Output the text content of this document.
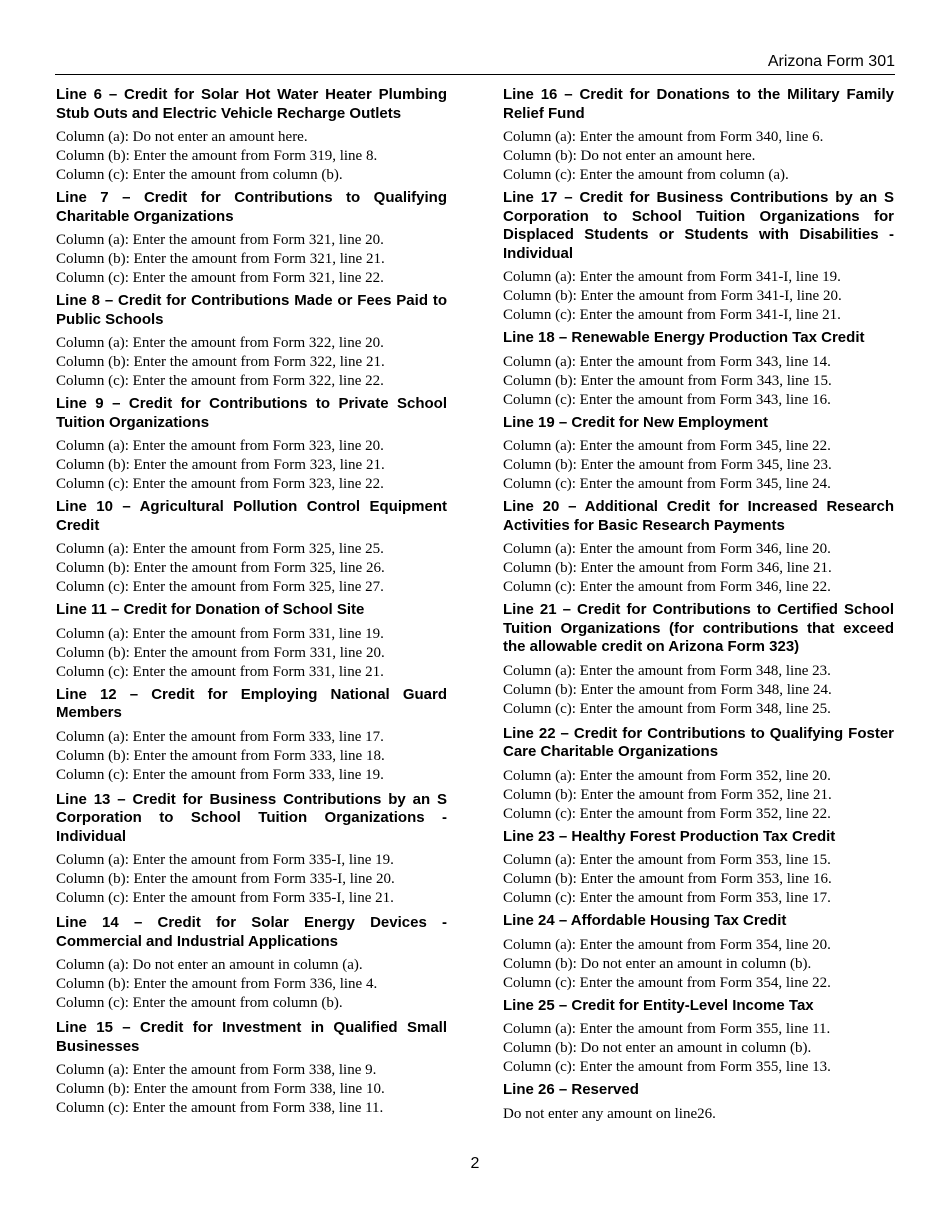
Arizona Form 301
Line 6 – Credit for Solar Hot Water Heater Plumbing Stub Outs and Electric Vehicle Recharge Outlets

Column (a): Do not enter an amount here.

Column (b): Enter the amount from Form 319, line 8.

Column (c): Enter the amount from column (b).

Line 7 – Credit for Contributions to Qualifying Charitable Organizations

Column (a): Enter the amount from Form 321, line 20.

Column (b): Enter the amount from Form 321, line 21.

Column (c): Enter the amount from Form 321, line 22.

Line 8 – Credit for Contributions Made or Fees Paid to Public Schools

Column (a): Enter the amount from Form 322, line 20.

Column (b): Enter the amount from Form 322, line 21.

Column (c): Enter the amount from Form 322, line 22.

Line 9 – Credit for Contributions to Private School Tuition Organizations

Column (a): Enter the amount from Form 323, line 20.

Column (b): Enter the amount from Form 323, line 21.

Column (c): Enter the amount from Form 323, line 22.

Line 10 – Agricultural Pollution Control Equipment Credit

Column (a): Enter the amount from Form 325, line 25.

Column (b): Enter the amount from Form 325, line 26.

Column (c): Enter the amount from Form 325, line 27.

Line 11 – Credit for Donation of School Site

Column (a): Enter the amount from Form 331, line 19.

Column (b): Enter the amount from Form 331, line 20.

Column (c): Enter the amount from Form 331, line 21.

Line 12 – Credit for Employing National Guard Members

Column (a): Enter the amount from Form 333, line 17.

Column (b): Enter the amount from Form 333, line 18.

Column (c): Enter the amount from Form 333, line 19.

Line 13 – Credit for Business Contributions by an S Corporation to School Tuition Organizations - Individual

Column (a): Enter the amount from Form 335-I, line 19.

Column (b): Enter the amount from Form 335-I, line 20.

Column (c): Enter the amount from Form 335-I, line 21.

Line 14 – Credit for Solar Energy Devices - Commercial and Industrial Applications

Column (a): Do not enter an amount in column (a).

Column (b): Enter the amount from Form 336, line 4.

Column (c): Enter the amount from column (b).

Line 15 – Credit for Investment in Qualified Small Businesses

Column (a): Enter the amount from Form 338, line 9.

Column (b): Enter the amount from Form 338, line 10.

Column (c): Enter the amount from Form 338, line 11.

Line 16 – Credit for Donations to the Military Family Relief Fund

Column (a): Enter the amount from Form 340, line 6.

Column (b): Do not enter an amount here.

Column (c): Enter the amount from column (a).

Line 17 – Credit for Business Contributions by an S Corporation to School Tuition Organizations for Displaced Students or Students with Disabilities - Individual

Column (a): Enter the amount from Form 341-I, line 19.

Column (b): Enter the amount from Form 341-I, line 20.

Column (c): Enter the amount from Form 341-I, line 21.

Line 18 – Renewable Energy Production Tax Credit

Column (a): Enter the amount from Form 343, line 14.

Column (b): Enter the amount from Form 343, line 15.

Column (c): Enter the amount from Form 343, line 16.

Line 19 – Credit for New Employment

Column (a): Enter the amount from Form 345, line 22.

Column (b): Enter the amount from Form 345, line 23.

Column (c): Enter the amount from Form 345, line 24.

Line 20 – Additional Credit for Increased Research Activities for Basic Research Payments

Column (a): Enter the amount from Form 346, line 20.

Column (b): Enter the amount from Form 346, line 21.

Column (c): Enter the amount from Form 346, line 22.

Line 21 – Credit for Contributions to Certified School Tuition Organizations (for contributions that exceed the allowable credit on Arizona Form 323)

Column (a): Enter the amount from Form 348, line 23.

Column (b): Enter the amount from Form 348, line 24.

Column (c): Enter the amount from Form 348, line 25.

Line 22 – Credit for Contributions to Qualifying Foster Care Charitable Organizations

Column (a): Enter the amount from Form 352, line 20.

Column (b): Enter the amount from Form 352, line 21.

Column (c): Enter the amount from Form 352, line 22.

Line 23 – Healthy Forest Production Tax Credit

Column (a): Enter the amount from Form 353, line 15.

Column (b): Enter the amount from Form 353, line 16.

Column (c): Enter the amount from Form 353, line 17.

Line 24 – Affordable Housing Tax Credit

Column (a): Enter the amount from Form 354, line 20.

Column (b): Do not enter an amount in column (b).

Column (c): Enter the amount from Form 354, line 22.

Line 25 – Credit for Entity-Level Income Tax

Column (a): Enter the amount from Form 355, line 11.

Column (b): Do not enter an amount in column (b).

Column (c): Enter the amount from Form 355, line 13.

Line 26 – Reserved

Do not enter any amount on line26.

2
